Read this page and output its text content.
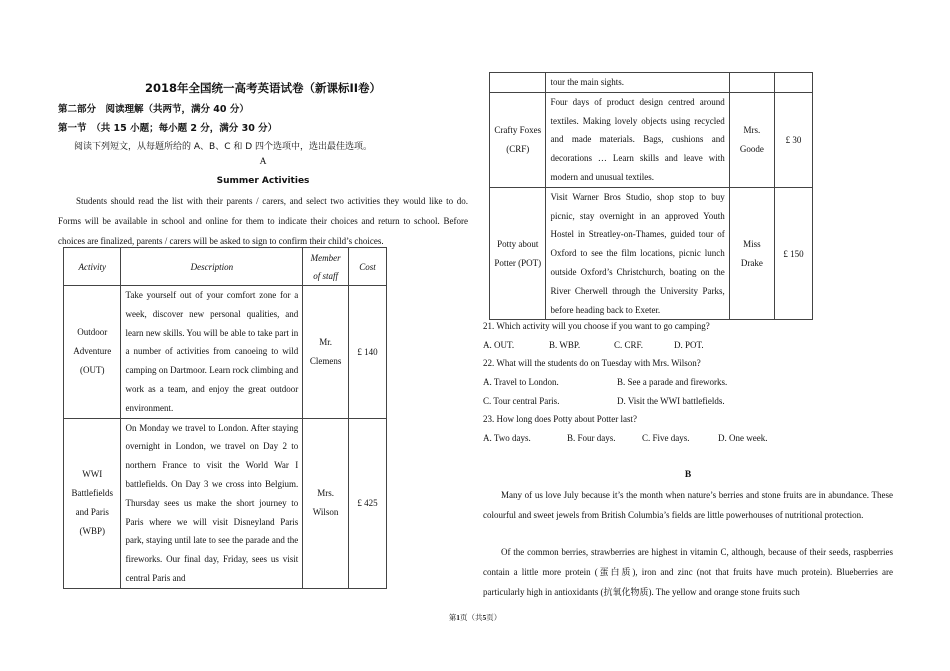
2018年全国统一高考英语试卷（新课标II卷）
第二部分　阅读理解（共两节，满分 40 分）
第一节　（共 15 小题；每小题 2 分，满分 30 分）
阅读下列短文，从每题所给的 A、B、C 和 D 四个选项中，选出最佳选项。
A
Summer Activities
Students should read the list with their parents / carers, and select two activities they would like to do. Forms will be available in school and online for them to indicate their choices and return to school. Before choices are finalized, parents / carers will be asked to sign to confirm their child’s choices.
Activity	Description	Member of staff	Cost
Outdoor Adventure (OUT)	Take yourself out of your comfort zone for a week, discover new personal qualities, and learn new skills. You will be able to take part in a number of activities from canoeing to wild camping on Dartmoor. Learn rock climbing and work as a team, and enjoy the great outdoor environment.	Mr. Clemens	£ 140
WWI Battlefields and Paris (WBP)	On Monday we travel to London. After staying overnight in London, we travel on Day 2 to northern France to visit the World War I battlefields. On Day 3 we cross into Belgium. Thursday sees us make the short journey to Paris where we will visit Disneyland Paris park, staying until late to see the parade and the fireworks. Our final day, Friday, sees us visit central Paris and	Mrs. Wilson	£ 425
	tour the main sights.		
Crafty Foxes (CRF)	Four days of product design centred around textiles. Making lovely objects using recycled and made materials. Bags, cushions and decorations … Learn skills and leave with modern and unusual textiles.	Mrs. Goode	£ 30
Potty about Potter (POT)	Visit Warner Bros Studio, shop stop to buy picnic, stay overnight in an approved Youth Hostel in Streatley-on-Thames, guided tour of Oxford to see the film locations, picnic lunch outside Oxford’s Christchurch, boating on the River Cherwell through the University Parks, before heading back to Exeter.	Miss Drake	£ 150
21. Which activity will you choose if you want to go camping?
A. OUT.	B. WBP.	C. CRF.	D. POT.
22. What will the students do on Tuesday with Mrs. Wilson?
A. Travel to London.	B. See a parade and fireworks.
C. Tour central Paris.	D. Visit the WWI battlefields.
23. How long does Potty about Potter last?
A. Two days.	B. Four days.	C. Five days.	D. One week.
B
Many of us love July because it’s the month when nature’s berries and stone fruits are in abundance. These colourful and sweet jewels from British Columbia’s fields are little powerhouses of nutritional protection.
Of the common berries, strawberries are highest in vitamin C, although, because of their seeds, raspberries contain a little more protein (蛋白质), iron and zinc (not that fruits have much protein). Blueberries are particularly high in antioxidants (抗氧化物质). The yellow and orange stone fruits such
第1页（共5页）
